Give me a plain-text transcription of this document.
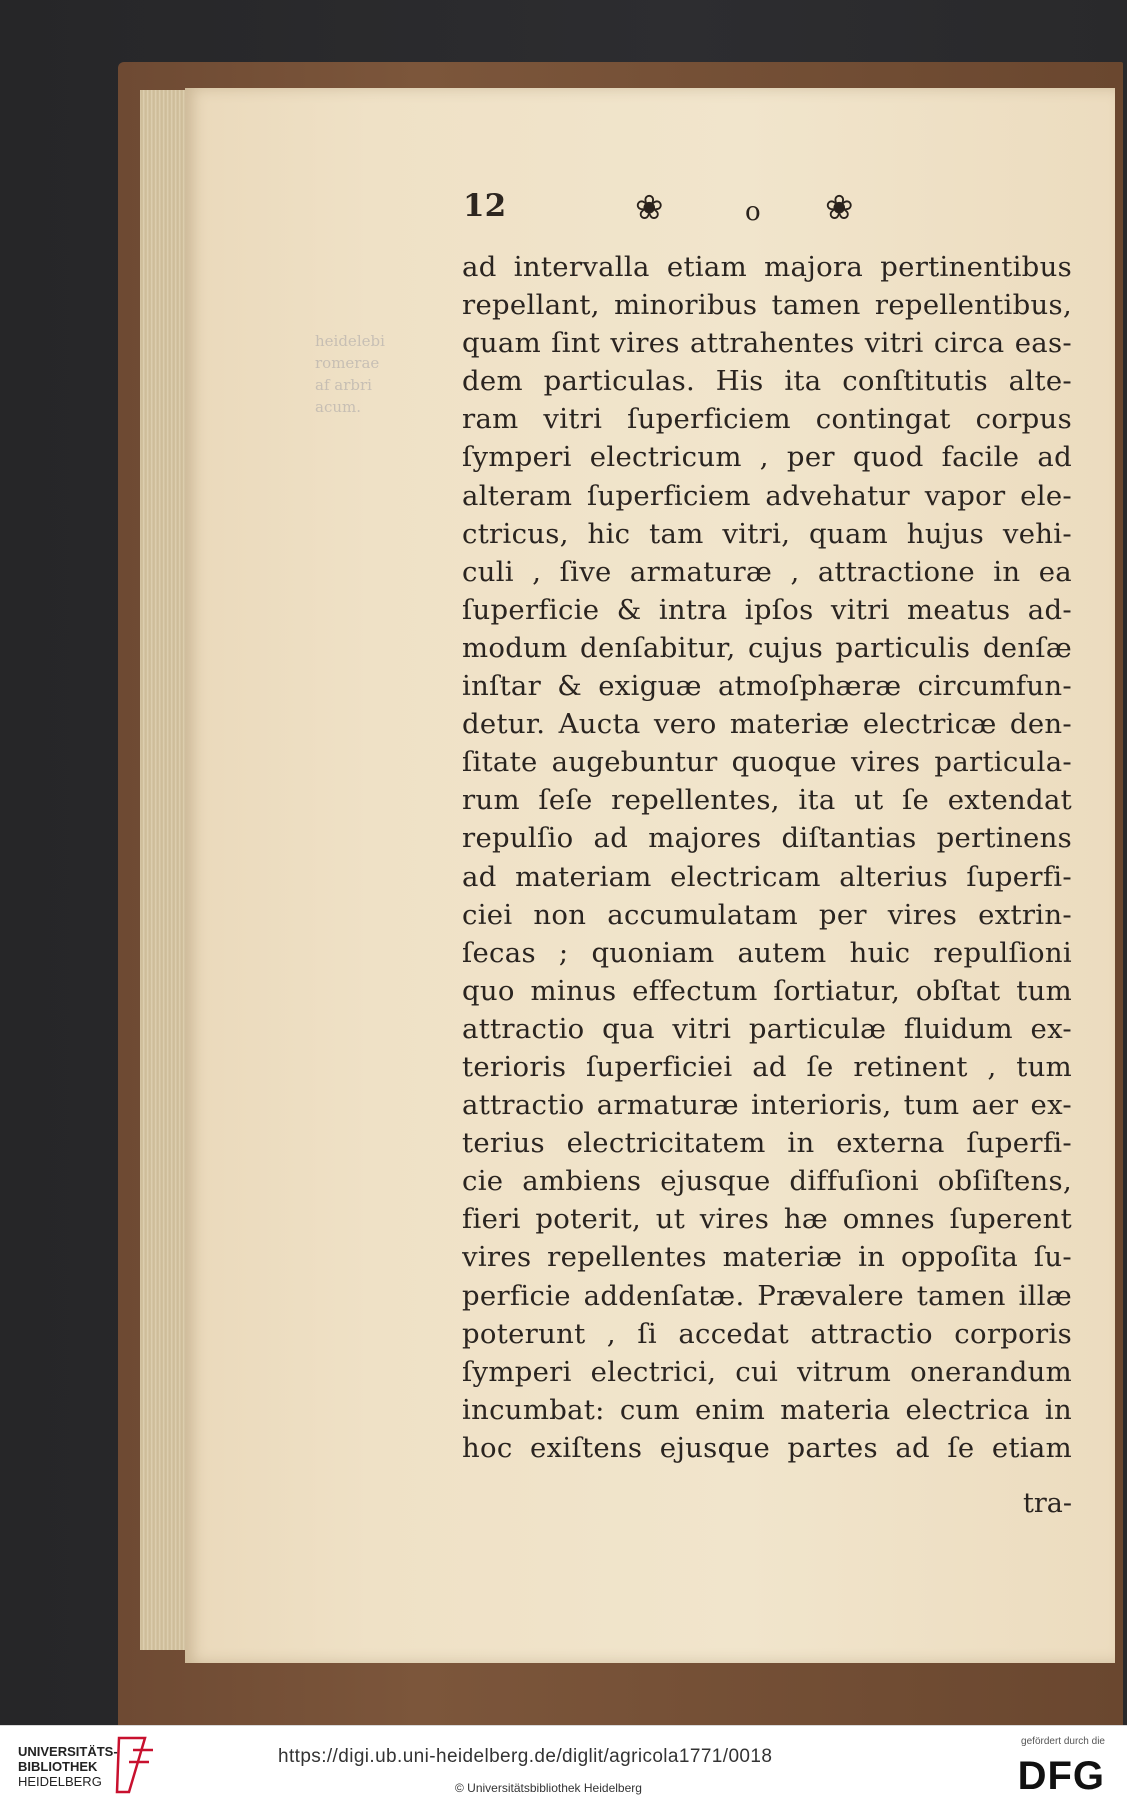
heidelebi
romerae
af arbri
acum.
12	❀	o ❀
ad intervalla etiam majora pertinentibus
repellant, minoribus tamen repellentibus,
quam ſint vires attrahentes vitri circa eas-
dem particulas. His ita conſtitutis alte-
ram vitri ſuperficiem contingat corpus
ſymperi electricum , per quod facile ad
alteram ſuperficiem advehatur vapor ele-
ctricus, hic tam vitri, quam hujus vehi-
culi , ſive armaturæ , attractione in ea
ſuperficie & intra ipſos vitri meatus ad-
modum denſabitur, cujus particulis denſæ
inſtar & exiguæ atmoſphæræ circumfun-
detur. Aucta vero materiæ electricæ den-
ſitate augebuntur quoque vires particula-
rum ſeſe repellentes, ita ut ſe extendat
repulſio ad majores diſtantias pertinens
ad materiam electricam alterius ſuperfi-
ciei non accumulatam per vires extrin-
ſecas ; quoniam autem huic repulſioni
quo minus effectum ſortiatur, obſtat tum
attractio qua vitri particulæ fluidum ex-
terioris ſuperficiei ad ſe retinent , tum
attractio armaturæ interioris, tum aer ex-
terius electricitatem in externa ſuperfi-
cie ambiens ejusque diffuſioni obſiſtens,
fieri poterit, ut vires hæ omnes ſuperent
vires repellentes materiæ in oppoſita ſu-
perficie addenſatæ. Prævalere tamen illæ
poterunt , ſi accedat attractio corporis
ſymperi electrici, cui vitrum onerandum
incumbat: cum enim materia electrica in
hoc exiſtens ejusque partes ad ſe etiam
tra-
UNIVERSITÄTS-
BIBLIOTHEK
HEIDELBERG
https://digi.ub.uni-heidelberg.de/diglit/agricola1771/0018
© Universitätsbibliothek Heidelberg
gefördert durch die
DFG
